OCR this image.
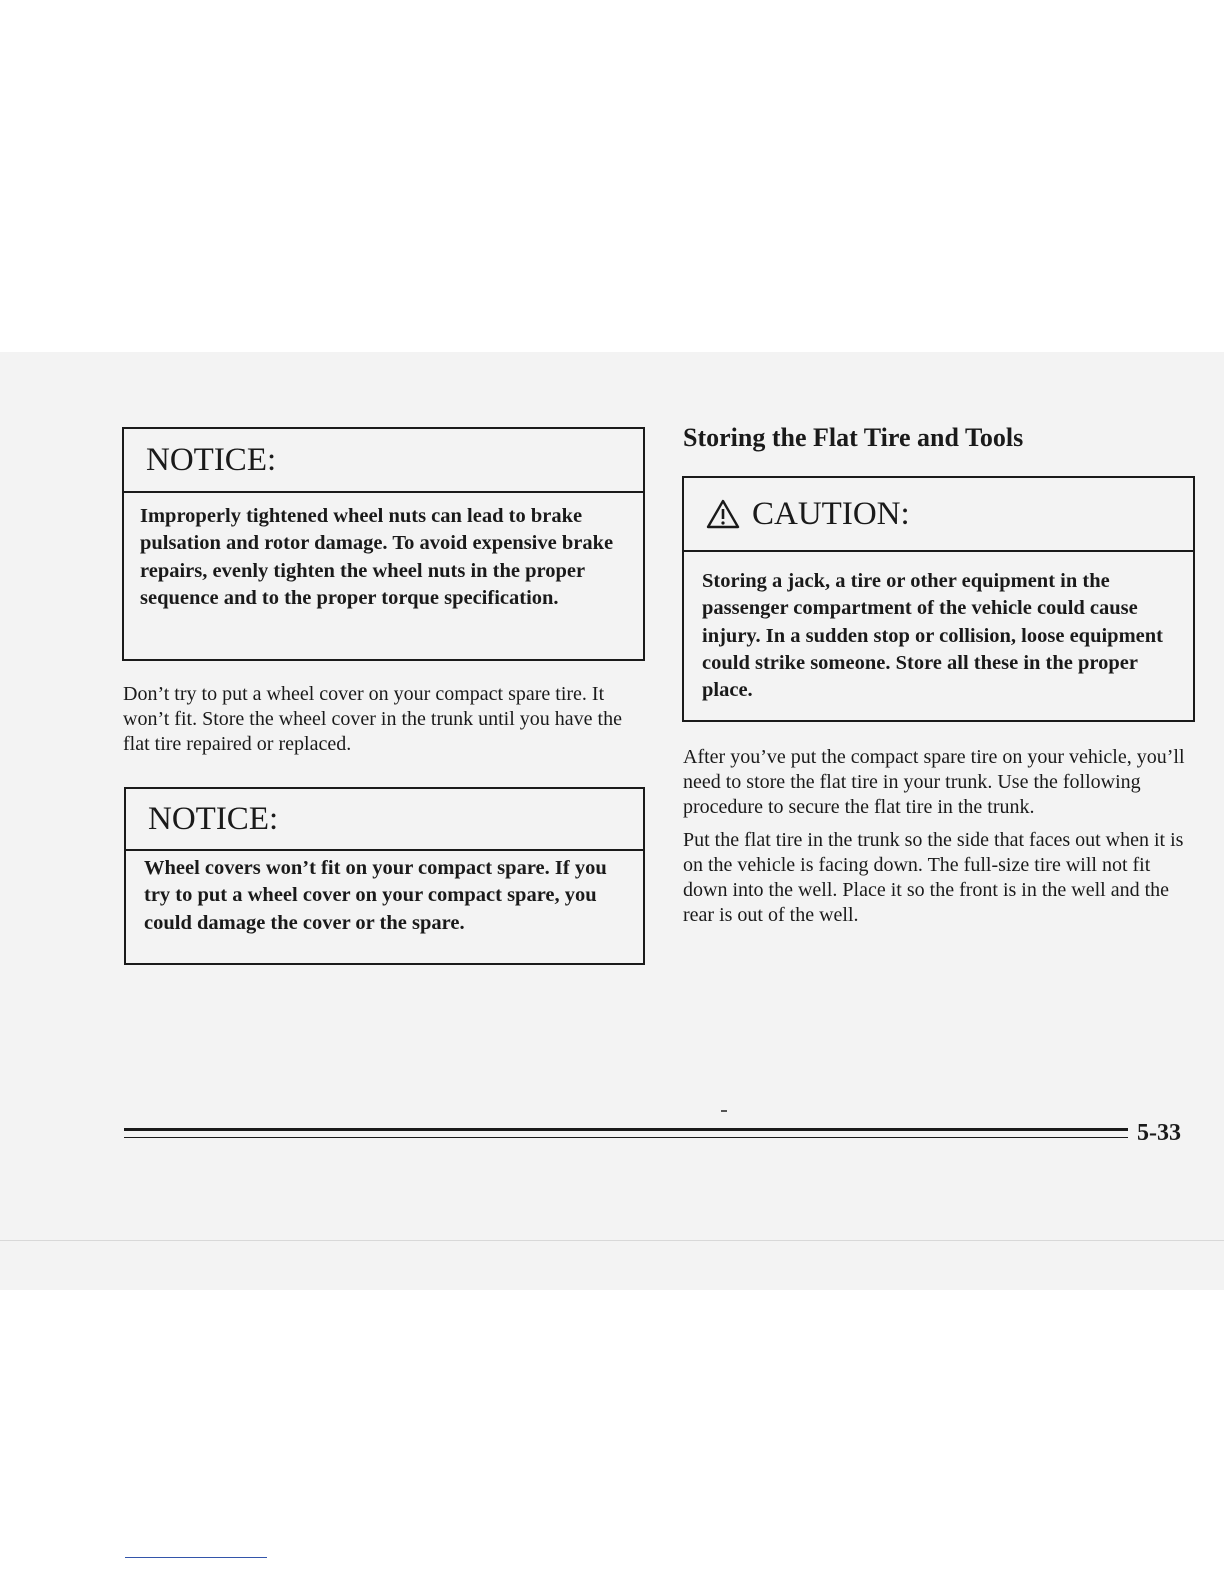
NOTICE:
Improperly tightened wheel nuts can lead to brake pulsation and rotor damage. To avoid expensive brake repairs, evenly tighten the wheel nuts in the proper sequence and to the proper torque specification.

Don’t try to put a wheel cover on your compact spare tire. It won’t fit. Store the wheel cover in the trunk until you have the flat tire repaired or replaced.

NOTICE:
Wheel covers won’t fit on your compact spare. If you try to put a wheel cover on your compact spare, you could damage the cover or the spare.
Storing the Flat Tire and Tools
CAUTION:
Storing a jack, a tire or other equipment in the passenger compartment of the vehicle could cause injury. In a sudden stop or collision, loose equipment could strike someone. Store all these in the proper place.

After you’ve put the compact spare tire on your vehicle, you’ll need to store the flat tire in your trunk. Use the following procedure to secure the flat tire in the trunk.

Put the flat tire in the trunk so the side that faces out when it is on the vehicle is facing down. The full-size tire will not fit down into the well. Place it so the front is in the well and the rear is out of the well.

5-33
